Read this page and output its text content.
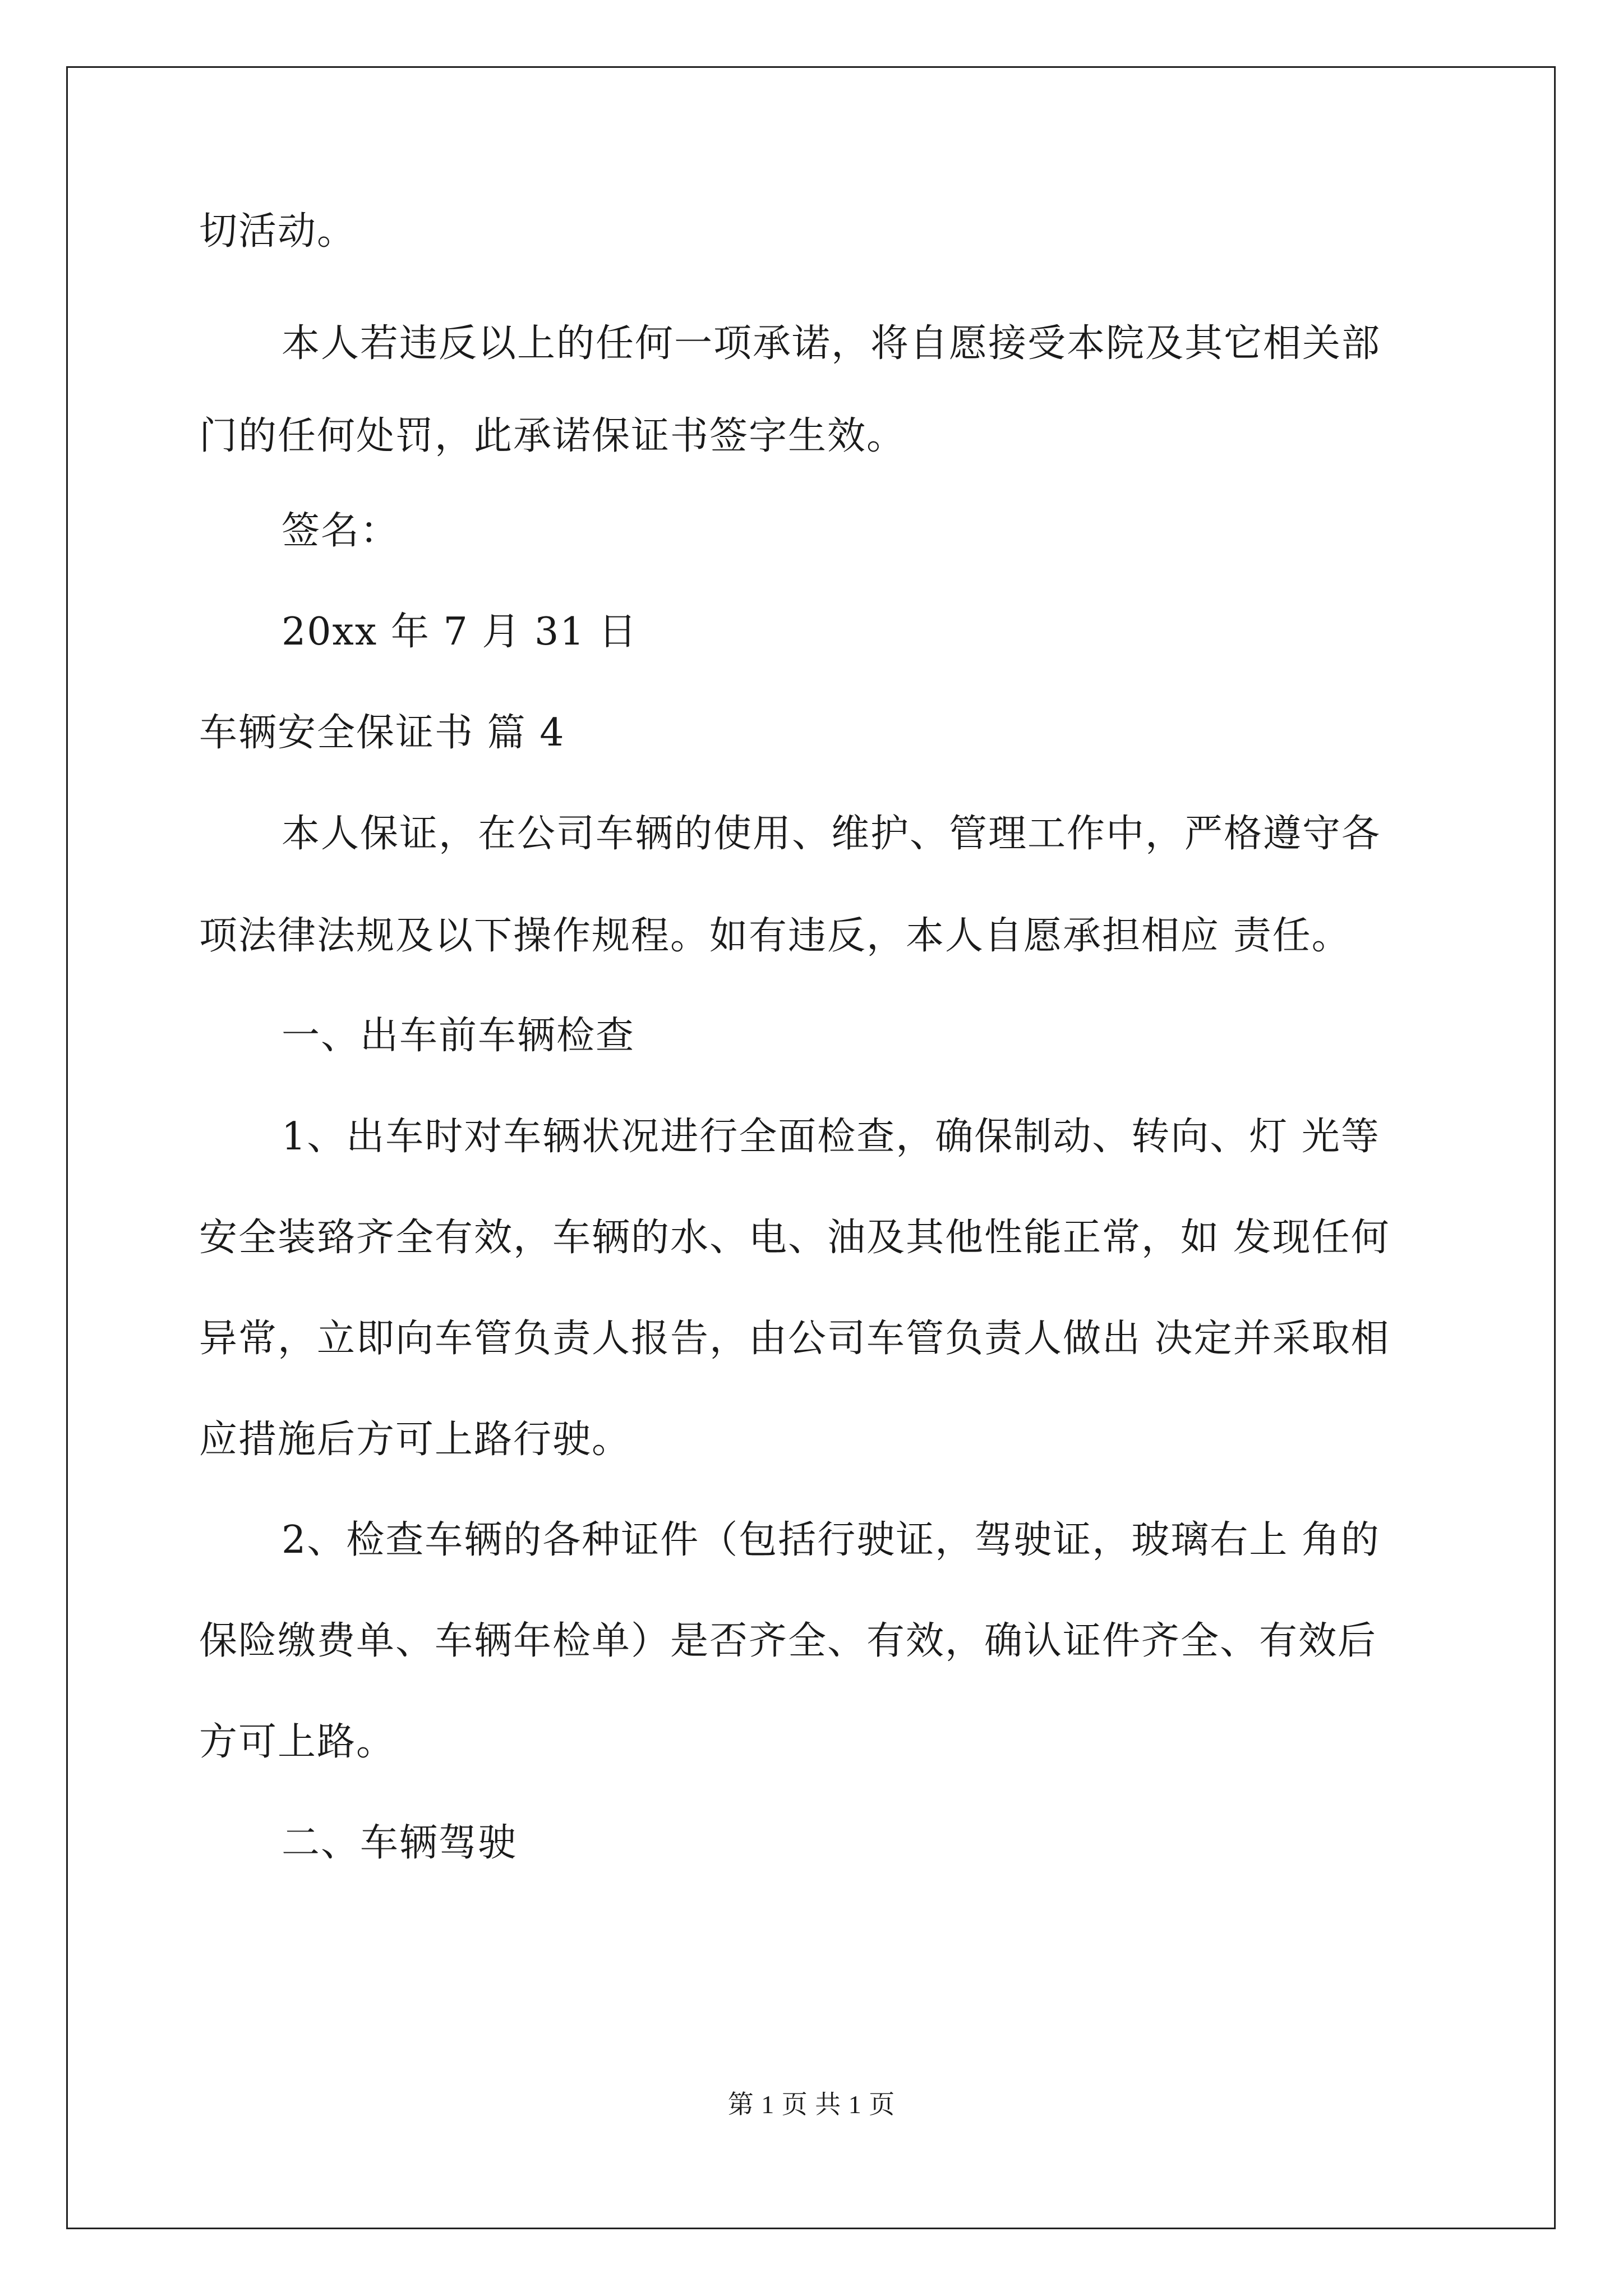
切活动。
本人若违反以上的任何一项承诺，将自愿接受本院及其它相关部
门的任何处罚，此承诺保证书签字生效。
签名：
20xx 年 7 月 31 日
车辆安全保证书 篇 4
本人保证，在公司车辆的使用、维护、管理工作中，严格遵守各
项法律法规及以下操作规程。如有违反，本人自愿承担相应 责任。
一、出车前车辆检查
1、出车时对车辆状况进行全面检查，确保制动、转向、灯 光等
安全装臵齐全有效，车辆的水、电、油及其他性能正常，如 发现任何
异常，立即向车管负责人报告，由公司车管负责人做出 决定并采取相
应措施后方可上路行驶。
2、检查车辆的各种证件（包括行驶证，驾驶证，玻璃右上 角的
保险缴费单、车辆年检单）是否齐全、有效，确认证件齐全、有效后
方可上路。
二、车辆驾驶
第 1 页 共 1 页
